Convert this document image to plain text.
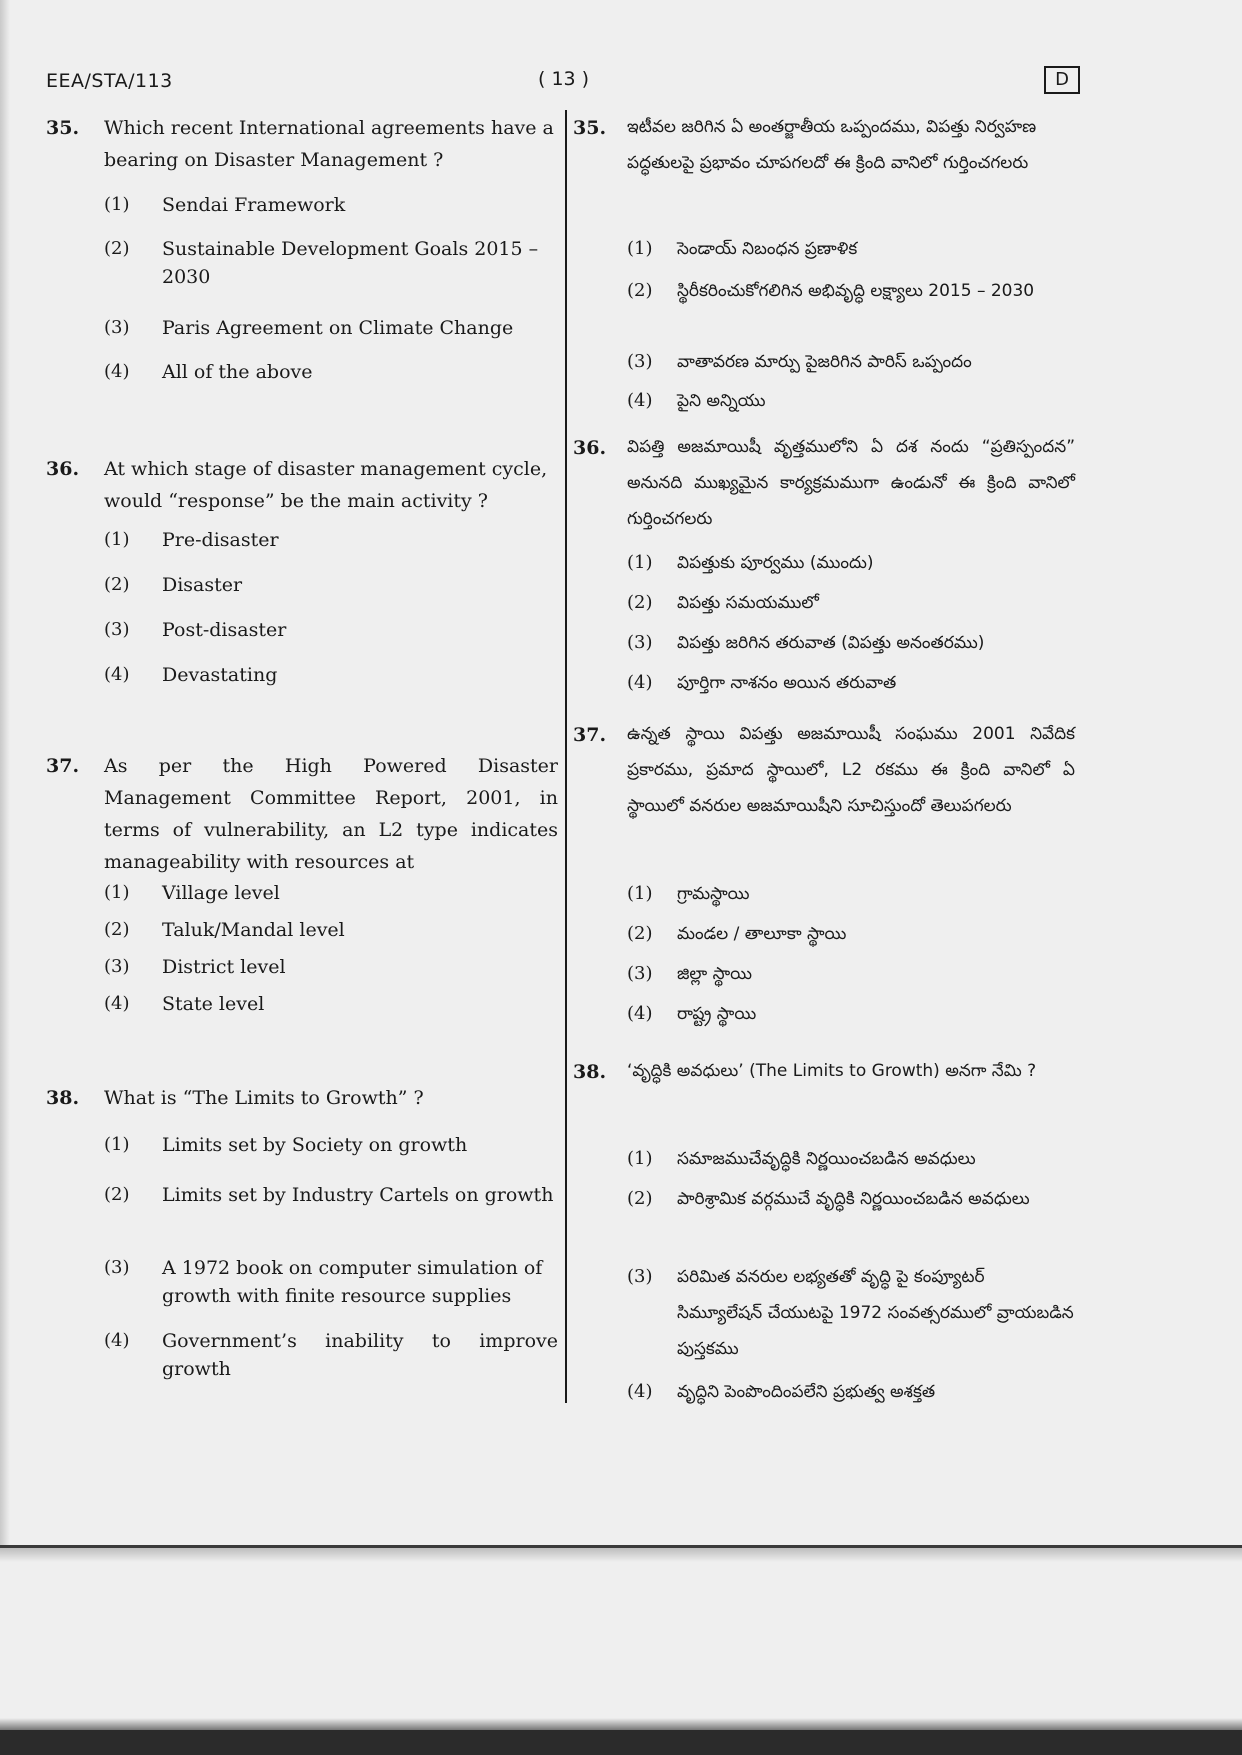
EEA/STA/113	( 13 )	D
35. Which recent International agreements have a bearing on Disaster Management ?
(1)	Sendai Framework
(2)	Sustainable Development Goals 2015 – 2030
(3)	Paris Agreement on Climate Change
(4)	All of the above
36. At which stage of disaster management cycle, would “response” be the main activity ?
(1)	Pre-disaster
(2)	Disaster
(3)	Post-disaster
(4)	Devastating
37. As per the High Powered Disaster Management Committee Report, 2001, in terms of vulnerability, an L2 type indicates manageability with resources at
(1)	Village level
(2)	Taluk/Mandal level
(3)	District level
(4)	State level
38. What is “The Limits to Growth” ?
(1)	Limits set by Society on growth
(2)	Limits set by Industry Cartels on growth
(3)	A 1972 book on computer simulation of growth with finite resource supplies
(4)	Government’s inability to improve growth
35. ఇటీవల జరిగిన ఏ అంతర్జాతీయ ఒప్పందము, విపత్తు నిర్వహణ పద్ధతులపై ప్రభావం చూపగలదో ఈ క్రింది వానిలో గుర్తించగలరు
(1)	సెండాయ్ నిబంధన ప్రణాళిక
(2)	స్థిరీకరించుకోగలిగిన అభివృద్ధి లక్ష్యాలు 2015 – 2030
(3)	వాతావరణ మార్పు పైజరిగిన పారిస్ ఒప్పందం
(4)	పైని అన్నియు
36. విపత్తి అజమాయిషీ వృత్తములోని ఏ దశ నందు “ప్రతిస్పందన” అనునది ముఖ్యమైన కార్యక్రమముగా ఉండునో ఈ క్రింది వానిలో గుర్తించగలరు
(1)	విపత్తుకు పూర్వము (ముందు)
(2)	విపత్తు సమయములో
(3)	విపత్తు జరిగిన తరువాత (విపత్తు అనంతరము)
(4)	పూర్తిగా నాశనం అయిన తరువాత
37. ఉన్నత స్థాయి విపత్తు అజమాయిషీ సంఘము 2001 నివేదిక ప్రకారము, ప్రమాద స్థాయిలో, L2 రకము ఈ క్రింది వానిలో ఏ స్థాయిలో వనరుల అజమాయిషీని సూచిస్తుందో తెలుపగలరు
(1)	గ్రామస్థాయి
(2)	మండల / తాలూకా స్థాయి
(3)	జిల్లా స్థాయి
(4)	రాష్ట్ర స్థాయి
38. ‘వృద్ధికి అవధులు’ (The Limits to Growth) అనగా నేమి ?
(1)	సమాజముచేవృద్ధికి నిర్ణయించబడిన అవధులు
(2)	పారిశ్రామిక వర్గముచే వృద్ధికి నిర్ణయించబడిన అవధులు
(3)	పరిమిత వనరుల లభ్యతతో వృద్ధి పై కంప్యూటర్ సిమ్యూలేషన్ చేయుటపై 1972 సంవత్సరములో వ్రాయబడిన పుస్తకము
(4)	వృద్ధిని పెంపొందింపలేని ప్రభుత్వ అశక్తత
